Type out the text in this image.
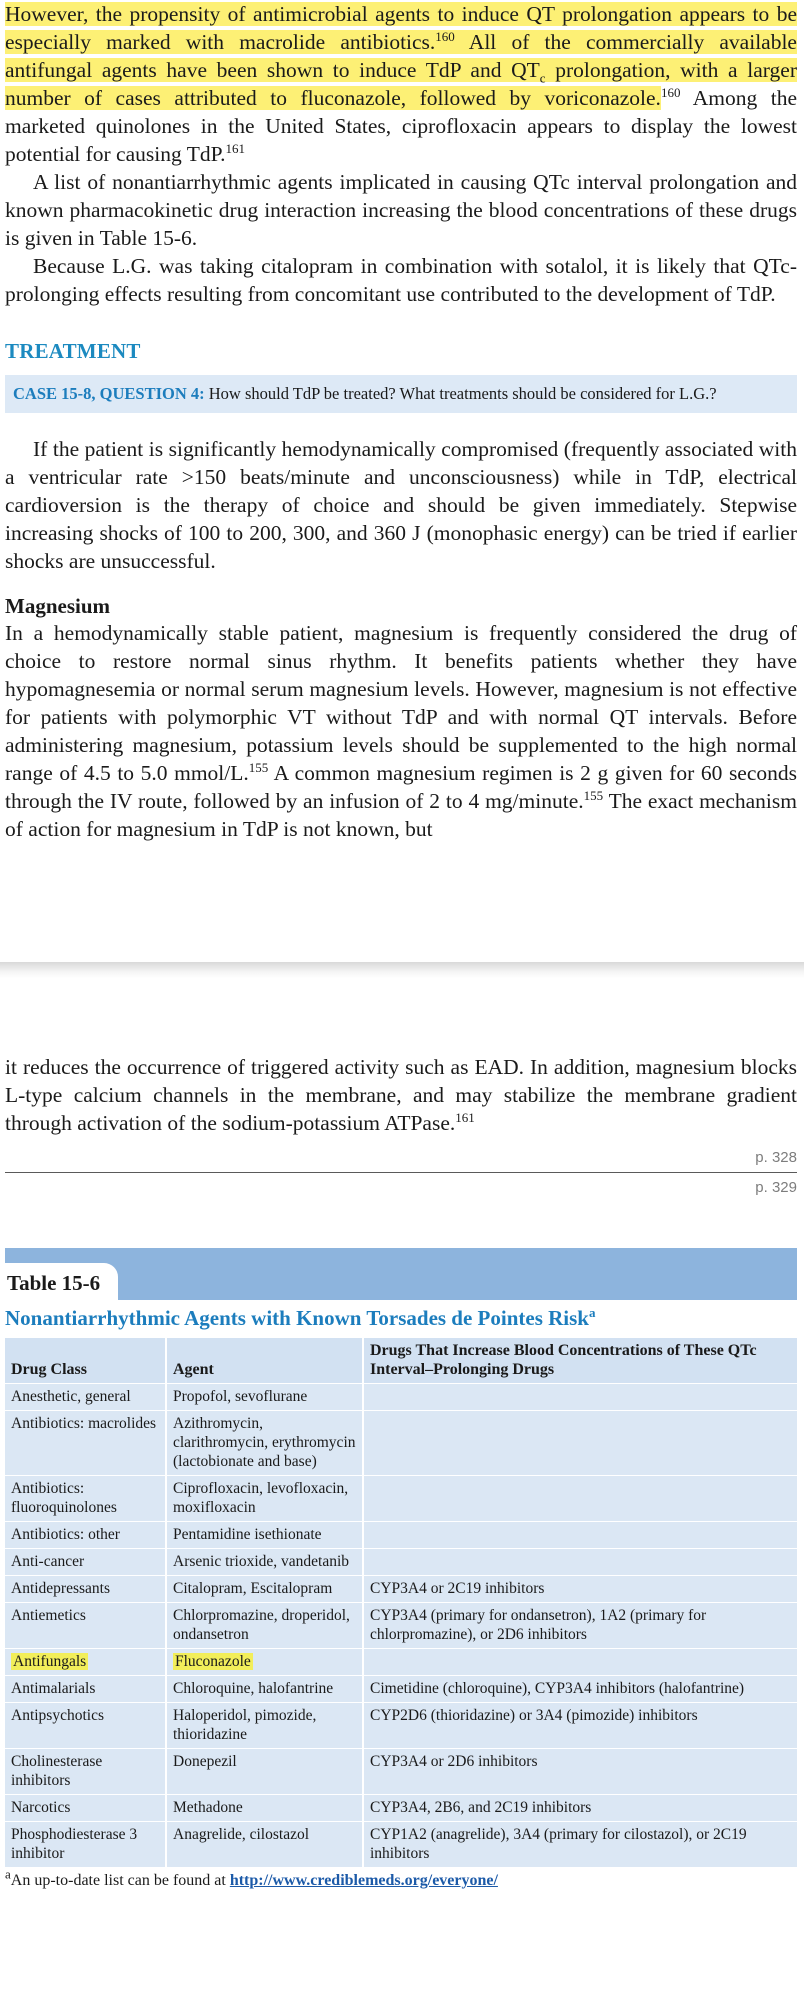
However, the propensity of antimicrobial agents to induce QT prolongation appears to be especially marked with macrolide antibiotics.$^{160}$ All of the commercially available antifungal agents have been shown to induce TdP and $QT_c$ prolongation, with a larger number of cases attributed to fluconazole, followed by voriconazole.$^{160}$ Among the marketed quinolones in the United States, ciprofloxacin appears to display the lowest potential for causing TdP.$^{161}$

A list of nonantiarrhythmic agents implicated in causing QTc interval prolongation and known pharmacokinetic drug interaction increasing the blood concentrations of these drugs is given in Table 15-6.

Because L.G. was taking citalopram in combination with sotalol, it is likely that QTc-prolonging effects resulting from concomitant use contributed to the development of TdP.

TREATMENT
CASE 15-8, QUESTION 4: How should TdP be treated? What treatments should be considered for L.G.?

If the patient is significantly hemodynamically compromised (frequently associated with a ventricular rate >150 beats/minute and unconsciousness) while in TdP, electrical cardioversion is the therapy of choice and should be given immediately. Stepwise increasing shocks of 100 to 200, 300, and 360 J (monophasic energy) can be tried if earlier shocks are unsuccessful.

Magnesium

In a hemodynamically stable patient, magnesium is frequently considered the drug of choice to restore normal sinus rhythm. It benefits patients whether they have hypomagnesemia or normal serum magnesium levels. However, magnesium is not effective for patients with polymorphic VT without TdP and with normal QT intervals. Before administering magnesium, potassium levels should be supplemented to the high normal range of 4.5 to 5.0 mmol/L.$^{155}$ A common magnesium regimen is 2 g given for 60 seconds through the IV route, followed by an infusion of 2 to 4 mg/minute.$^{155}$ The exact mechanism of action for magnesium in TdP is not known, but

it reduces the occurrence of triggered activity such as EAD. In addition, magnesium blocks L-type calcium channels in the membrane, and may stabilize the membrane gradient through activation of the sodium-potassium ATPase.$^{161}$

p. 328
p. 329
Table 15-6
Nonantiarrhythmic Agents with Known Torsades de Pointes Risk$^a$
Drug Class	Agent	Drugs That Increase Blood Concentrations of These QTc Interval–Prolonging Drugs
Anesthetic, general	Propofol, sevoflurane	
Antibiotics: macrolides	Azithromycin, clarithromycin, erythromycin (lactobionate and base)	
Antibiotics: fluoroquinolones	Ciprofloxacin, levofloxacin, moxifloxacin	
Antibiotics: other	Pentamidine isethionate	
Anti-cancer	Arsenic trioxide, vandetanib	
Antidepressants	Citalopram, Escitalopram	CYP3A4 or 2C19 inhibitors
Antiemetics	Chlorpromazine, droperidol, ondansetron	CYP3A4 (primary for ondansetron), 1A2 (primary for chlorpromazine), or 2D6 inhibitors
Antifungals	Fluconazole	
Antimalarials	Chloroquine, halofantrine	Cimetidine (chloroquine), CYP3A4 inhibitors (halofantrine)
Antipsychotics	Haloperidol, pimozide, thioridazine	CYP2D6 (thioridazine) or 3A4 (pimozide) inhibitors
Cholinesterase inhibitors	Donepezil	CYP3A4 or 2D6 inhibitors
Narcotics	Methadone	CYP3A4, 2B6, and 2C19 inhibitors
Phosphodiesterase 3 inhibitor	Anagrelide, cilostazol	CYP1A2 (anagrelide), 3A4 (primary for cilostazol), or 2C19 inhibitors
$^a$An up-to-date list can be found at http://www.crediblemeds.org/everyone/
